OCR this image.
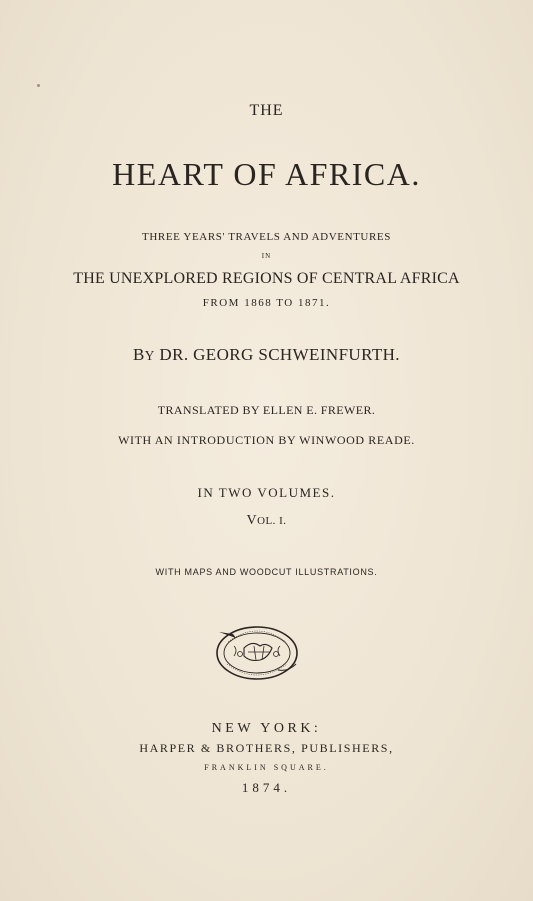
THE
HEART OF AFRICA.
THREE YEARS' TRAVELS AND ADVENTURES
IN
THE UNEXPLORED REGIONS OF CENTRAL AFRICA
FROM 1868 TO 1871.
BY DR. GEORG SCHWEINFURTH.
TRANSLATED BY ELLEN E. FREWER.
WITH AN INTRODUCTION BY WINWOOD READE.
IN TWO VOLUMES.
VOL. I.
WITH MAPS AND WOODCUT ILLUSTRATIONS.
NEW YORK:
HARPER & BROTHERS, PUBLISHERS,
FRANKLIN SQUARE.
1874.
